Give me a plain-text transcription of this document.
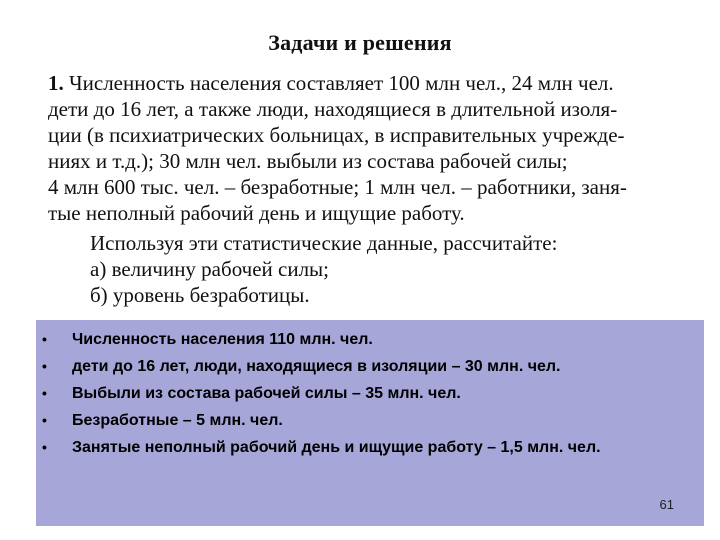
Задачи и решения
1. Численность населения составляет 100 млн чел., 24 млн чел.
дети до 16 лет, а также люди, находящиеся в длительной изоля-
ции (в психиатрических больницах, в исправительных учрежде-
ниях и т.д.); 30 млн чел. выбыли из состава рабочей силы;
4 млн 600 тыс. чел. – безработные; 1 млн чел. – работники, заня-
тые неполный рабочий день и ищущие работу.
Используя эти статистические данные, рассчитайте:
а) величину рабочей силы;
б) уровень безработицы.
• Численность населения 110 млн. чел.
• дети до 16 лет, люди, находящиеся в изоляции – 30 млн. чел.
• Выбыли из состава рабочей силы – 35 млн. чел.
• Безработные – 5 млн. чел.
• Занятые неполный рабочий день и ищущие работу – 1,5 млн. чел.
61
